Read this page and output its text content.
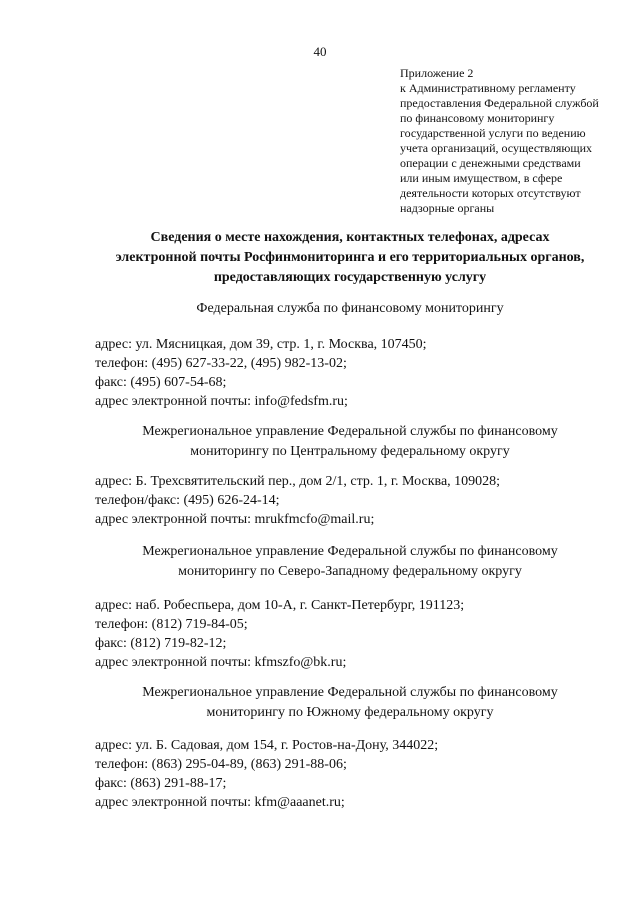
40
Приложение 2
к Административному регламенту
предоставления Федеральной службой
по финансовому мониторингу
государственной услуги по ведению
учета организаций, осуществляющих
операции с денежными средствами
или иным имуществом, в сфере
деятельности которых отсутствуют
надзорные органы
Сведения о месте нахождения, контактных телефонах, адресах
электронной почты Росфинмониторинга и его территориальных органов,
предоставляющих государственную услугу
Федеральная служба по финансовому мониторингу
адрес: ул. Мясницкая, дом 39, стр. 1, г. Москва, 107450;
телефон: (495) 627-33-22, (495) 982-13-02;
факс: (495) 607-54-68;
адрес электронной почты: info@fedsfm.ru;
Межрегиональное управление Федеральной службы по финансовому
мониторингу по Центральному федеральному округу
адрес: Б. Трехсвятительский пер., дом 2/1, стр. 1, г. Москва, 109028;
телефон/факс: (495) 626-24-14;
адрес электронной почты: mrukfmcfo@mail.ru;
Межрегиональное управление Федеральной службы по финансовому
мониторингу по Северо-Западному федеральному округу
адрес: наб. Робеспьера, дом 10-А, г. Санкт-Петербург, 191123;
телефон: (812) 719-84-05;
факс: (812) 719-82-12;
адрес электронной почты: kfmszfo@bk.ru;
Межрегиональное управление Федеральной службы по финансовому
мониторингу по Южному федеральному округу
адрес: ул. Б. Садовая, дом 154, г. Ростов-на-Дону, 344022;
телефон: (863) 295-04-89, (863) 291-88-06;
факс: (863) 291-88-17;
адрес электронной почты: kfm@aaanet.ru;
